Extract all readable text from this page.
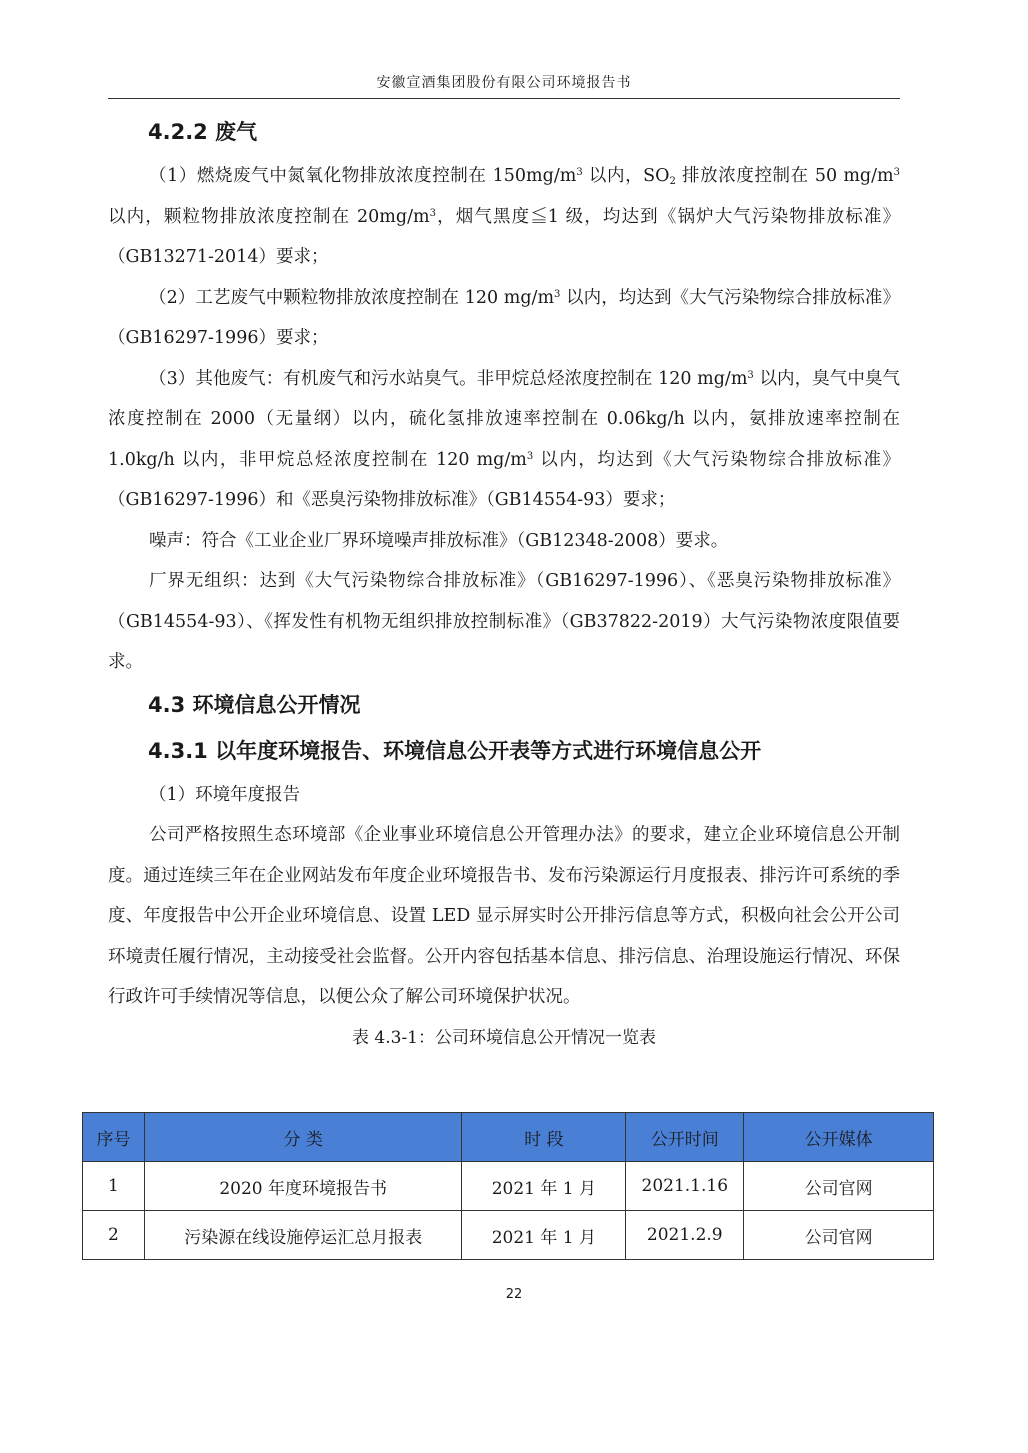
安徽宣酒集团股份有限公司环境报告书
4.2.2 废气

（1）燃烧废气中氮氧化物排放浓度控制在 $150mg/m^3$ 以内，$SO_2$ 排放浓度控制在 50 $mg/m^3$ 以内，颗粒物排放浓度控制在 $20mg/m^3$，烟气黑度≦1 级，均达到《锅炉大气污染物排放标准》（GB13271-2014）要求；

（2）工艺废气中颗粒物排放浓度控制在 120 $mg/m^3$ 以内，均达到《大气污染物综合排放标准》（GB16297-1996）要求；

（3）其他废气：有机废气和污水站臭气。非甲烷总烃浓度控制在 120 $mg/m^3$ 以内，臭气中臭气浓度控制在 2000（无量纲）以内，硫化氢排放速率控制在 0.06kg/h 以内，氨排放速率控制在 1.0kg/h 以内，非甲烷总烃浓度控制在 120 $mg/m^3$ 以内，均达到《大气污染物综合排放标准》（GB16297-1996）和《恶臭污染物排放标准》（GB14554-93）要求；

噪声：符合《工业企业厂界环境噪声排放标准》（GB12348-2008）要求。

厂界无组织：达到《大气污染物综合排放标准》（GB16297-1996）、《恶臭污染物排放标准》（GB14554-93）、《挥发性有机物无组织排放控制标准》（GB37822-2019）大气污染物浓度限值要求。

4.3 环境信息公开情况
4.3.1 以年度环境报告、环境信息公开表等方式进行环境信息公开

（1）环境年度报告

公司严格按照生态环境部《企业事业环境信息公开管理办法》的要求，建立企业环境信息公开制度。通过连续三年在企业网站发布年度企业环境报告书、发布污染源运行月度报表、排污许可系统的季度、年度报告中公开企业环境信息、设置 LED 显示屏实时公开排污信息等方式，积极向社会公开公司环境责任履行情况，主动接受社会监督。公开内容包括基本信息、排污信息、治理设施运行情况、环保行政许可手续情况等信息，以便公众了解公司环境保护状况。

表 4.3-1：公司环境信息公开情况一览表
序号	分 类	时 段	公开时间	公开媒体
1	2020 年度环境报告书	2021 年 1 月	2021.1.16	公司官网
2	污染源在线设施停运汇总月报表	2021 年 1 月	2021.2.9	公司官网
22
